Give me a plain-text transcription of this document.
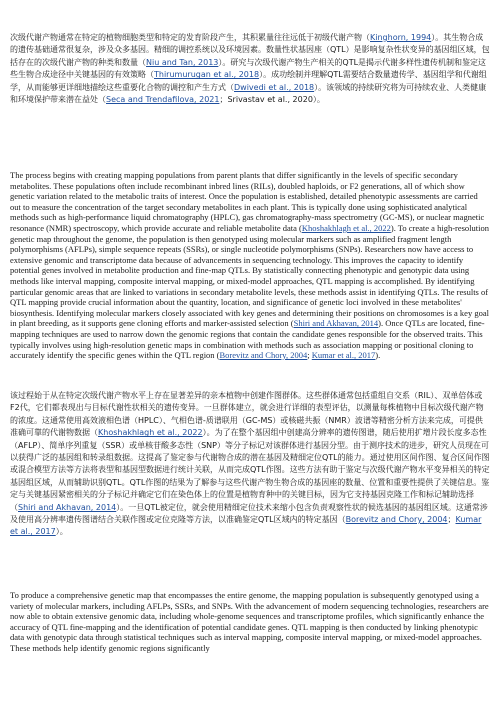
次级代谢产物通常在特定的植物细胞类型和特定的发育阶段产生，其积累量往往远低于初级代谢产物（Kinghorn, 1994）。其生物合成的遗传基础通常很复杂，涉及众多基因。精细的调控系统以及环境因素。数量性状基因座（QTL）是影响复杂性状变异的基因组区域，包括存在的次级代谢产物的种类和数量（Niu and Tan, 2013）。研究与次级代谢产物生产相关的QTL是揭示代谢多样性遗传机制和鉴定这些生物合成途径中关键基因的有效策略（Thirumurugan et al., 2018）。成功绘制并理解QTL需要结合数量遗传学、基因组学和代谢组学，从而能够更详细地描绘这些重要化合物的调控和产生方式（Dwivedi et al., 2018）。该领域的持续研究将为可持续农业、人类健康和环境保护带来潜在益处（Seca and Trendafilova, 2021；Srivastav et al., 2020）。

The process begins with creating mapping populations from parent plants that differ significantly in the levels of specific secondary metabolites. These populations often include recombinant inbred lines (RILs), doubled haploids, or F2 generations, all of which show genetic variation related to the metabolic traits of interest. Once the population is established, detailed phenotypic assessments are carried out to measure the concentration of the target secondary metabolites in each plant. This is typically done using sophisticated analytical methods such as high-performance liquid chromatography (HPLC), gas chromatography-mass spectrometry (GC-MS), or nuclear magnetic resonance (NMR) spectroscopy, which provide accurate and reliable metabolite data (Khoshakhlagh et al., 2022). To create a high-resolution genetic map throughout the genome, the population is then genotyped using molecular markers such as amplified fragment length polymorphisms (AFLPs), simple sequence repeats (SSRs), or single nucleotide polymorphisms (SNPs). Researchers now have access to extensive genomic and transcriptome data because of advancements in sequencing technology. This improves the capacity to identify potential genes involved in metabolite production and fine-map QTLs. By statistically connecting phenotypic and genotypic data using methods like interval mapping, composite interval mapping, or mixed-model approaches, QTL mapping is accomplished. By identifying particular genomic areas that are linked to variations in secondary metabolite levels, these methods assist in identifying QTLs. The results of QTL mapping provide crucial information about the quantity, location, and significance of genetic loci involved in these metabolites' biosynthesis. Identifying molecular markers closely associated with key genes and determining their positions on chromosomes is a key goal in plant breeding, as it supports gene cloning efforts and marker-assisted selection (Shiri and Akhavan, 2014). Once QTLs are located, fine-mapping techniques are used to narrow down the genomic regions that contain the candidate genes responsible for the observed traits. This typically involves using high-resolution genetic maps in combination with methods such as association mapping or positional cloning to accurately identify the specific genes within the QTL region (Borevitz and Chory, 2004; Kumar et al., 2017).

该过程始于从在特定次级代谢产物水平上存在显著差异的亲本植物中创建作图群体。这些群体通常包括重组自交系（RIL）、双单倍体或F2代，它们都表现出与目标代谢性状相关的遗传变异。一旦群体建立，就会进行详细的表型评估，以测量每株植物中目标次级代谢产物的浓度。这通常使用高效液相色谱（HPLC）、气相色谱-质谱联用（GC-MS）或核磁共振（NMR）波谱等精密分析方法来完成，可提供准确可靠的代谢物数据（Khoshakhlagh et al., 2022）。为了在整个基因组中创建高分辨率的遗传图谱，随后使用扩增片段长度多态性（AFLP）、简单序列重复（SSR）或单核苷酸多态性（SNP）等分子标记对该群体进行基因分型。由于测序技术的进步，研究人员现在可以获得广泛的基因组和转录组数据。这提高了鉴定参与代谢物合成的潜在基因及精细定位QTL的能力。通过使用区间作图、复合区间作图或混合模型方法等方法将表型和基因型数据进行统计关联，从而完成QTL作图。这些方法有助于鉴定与次级代谢产物水平变异相关的特定基因组区域，从而辅助识别QTL。QTL作图的结果为了解参与这些代谢产物生物合成的基因座的数量、位置和重要性提供了关键信息。鉴定与关键基因紧密相关的分子标记并确定它们在染色体上的位置是植物育种中的关键目标，因为它支持基因克隆工作和标记辅助选择（Shiri and Akhavan, 2014）。一旦QTL被定位，就会使用精细定位技术来缩小包含负责观察性状的候选基因的基因组区域。这通常涉及使用高分辨率遗传图谱结合关联作图或定位克隆等方法，以准确鉴定QTL区域内的特定基因（Borevitz and Chory, 2004；Kumar et al., 2017）。

To produce a comprehensive genetic map that encompasses the entire genome, the mapping population is subsequently genotyped using a variety of molecular markers, including AFLPs, SSRs, and SNPs. With the advancement of modern sequencing technologies, researchers are now able to obtain extensive genomic data, including whole-genome sequences and transcriptome profiles, which significantly enhance the accuracy of QTL fine-mapping and the identification of potential candidate genes. QTL mapping is then conducted by linking phenotypic data with genotypic data through statistical techniques such as interval mapping, composite interval mapping, or mixed-model approaches. These methods help identify genomic regions significantly
